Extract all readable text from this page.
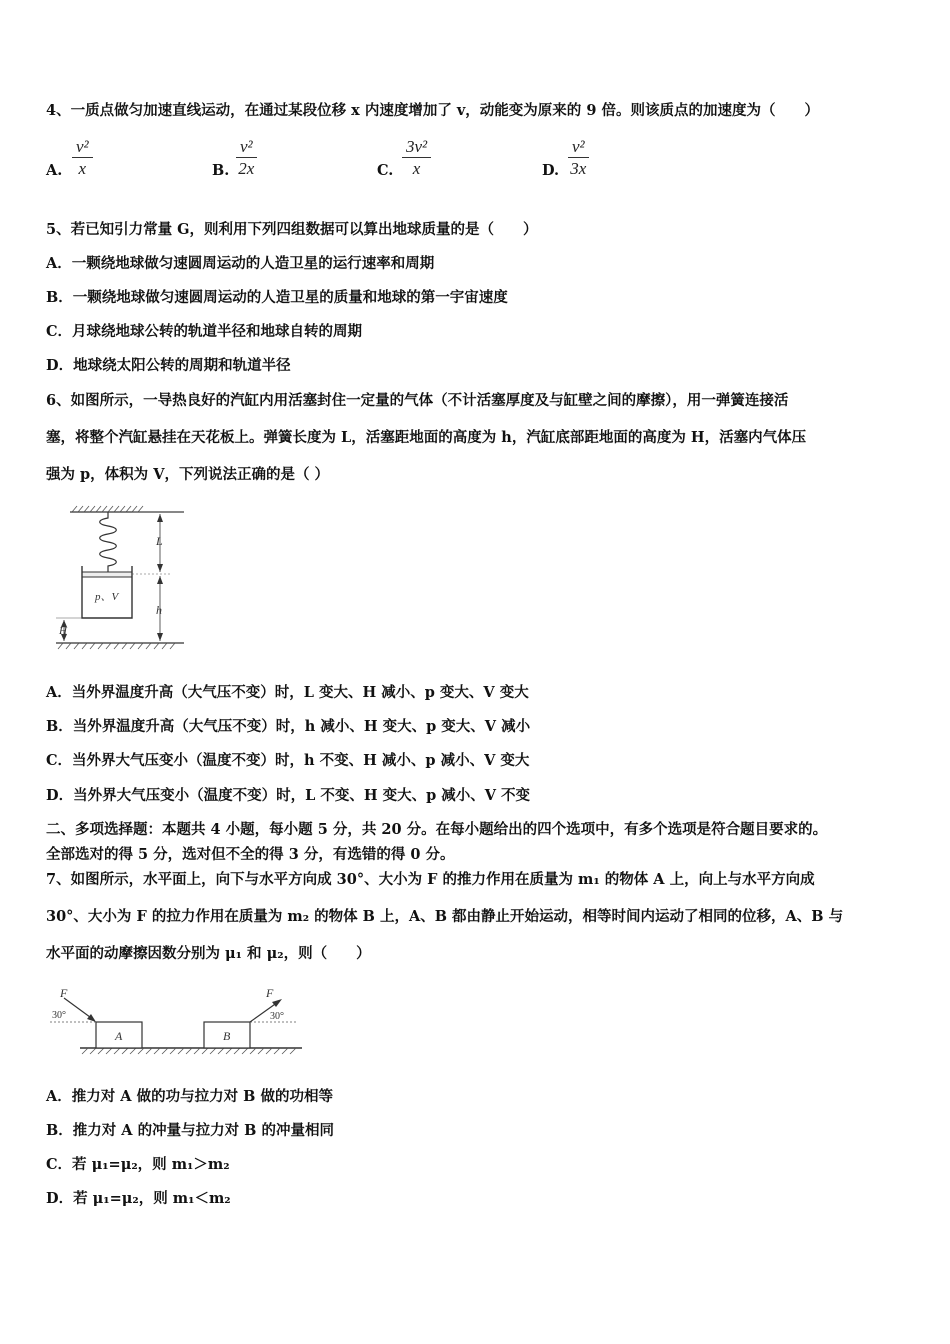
4、一质点做匀加速直线运动，在通过某段位移 x 内速度增加了 v，动能变为原来的 9 倍。则该质点的加速度为（　　）
A. $\frac{\text{v²}}{x}$	B. $\frac{\text{v²}}{2x}$	C. $\frac{\text{3v²}}{x}$	D. $\frac{\text{v²}}{3x}$
5、若已知引力常量 G，则利用下列四组数据可以算出地球质量的是（　　）
A．一颗绕地球做匀速圆周运动的人造卫星的运行速率和周期
B．一颗绕地球做匀速圆周运动的人造卫星的质量和地球的第一宇宙速度
C．月球绕地球公转的轨道半径和地球自转的周期
D．地球绕太阳公转的周期和轨道半径
6、如图所示，一导热良好的汽缸内用活塞封住一定量的气体（不计活塞厚度及与缸壁之间的摩擦），用一弹簧连接活
塞，将整个汽缸悬挂在天花板上。弹簧长度为 L，活塞距地面的高度为 h，汽缸底部距地面的高度为 H，活塞内气体压
强为 p，体积为 V，下列说法正确的是（ ）
p、V
L
h
H
A．当外界温度升高（大气压不变）时，L 变大、H 减小、p 变大、V 变大
B．当外界温度升高（大气压不变）时，h 减小、H 变大、p 变大、V 减小
C．当外界大气压变小（温度不变）时，h 不变、H 减小、p 减小、V 变大
D．当外界大气压变小（温度不变）时，L 不变、H 变大、p 减小、V 不变
二、多项选择题：本题共 4 小题，每小题 5 分，共 20 分。在每小题给出的四个选项中，有多个选项是符合题目要求的。
全部选对的得 5 分，选对但不全的得 3 分，有选错的得 0 分。
7、如图所示，水平面上，向下与水平方向成 30°、大小为 F 的推力作用在质量为 m₁ 的物体 A 上，向上与水平方向成
30°、大小为 F 的拉力作用在质量为 m₂ 的物体 B 上，A、B 都由静止开始运动，相等时间内运动了相同的位移，A、B 与
水平面的动摩擦因数分别为 μ₁ 和 μ₂，则（　　）
A
F
30°
B
F
30°
A．推力对 A 做的功与拉力对 B 做的功相等
B．推力对 A 的冲量与拉力对 B 的冲量相同
C．若 μ₁=μ₂，则 m₁＞m₂
D．若 μ₁=μ₂，则 m₁＜m₂
